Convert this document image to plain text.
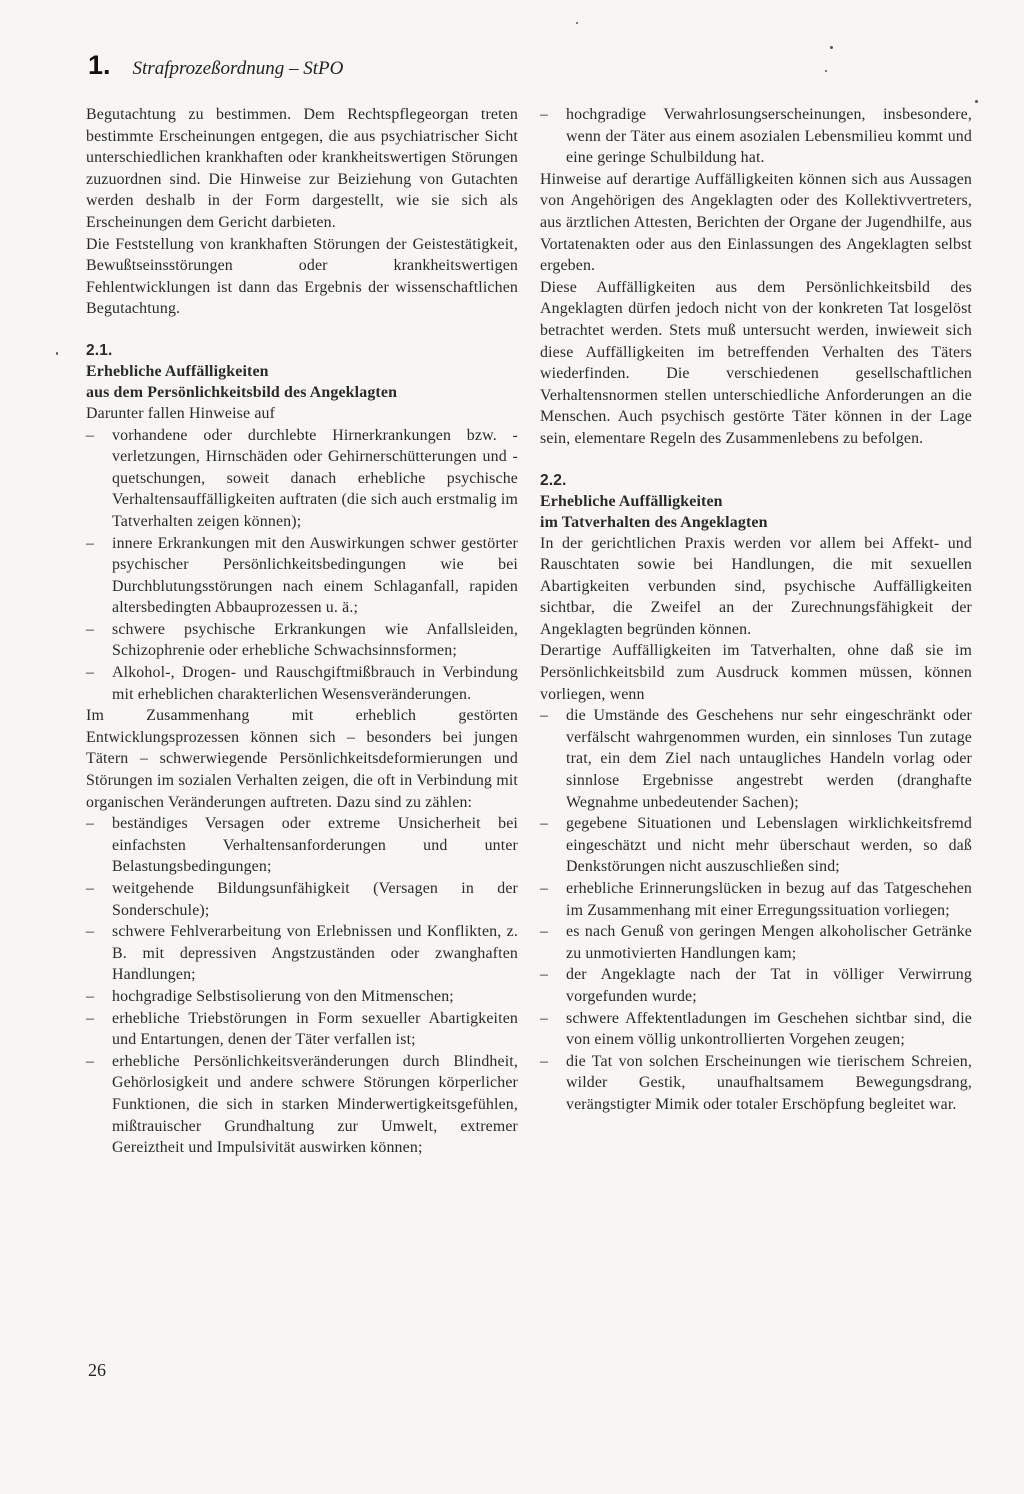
1. Strafprozeßordnung – StPO

Begutachtung zu bestimmen. Dem Rechtspflegeorgan treten bestimmte Erscheinungen entgegen, die aus psychiatrischer Sicht unterschiedlichen krankhaften oder krankheitswertigen Störungen zuzuordnen sind. Die Hinweise zur Beiziehung von Gutachten werden deshalb in der Form dargestellt, wie sie sich als Erscheinungen dem Gericht darbieten.

Die Feststellung von krankhaften Störungen der Geistestätigkeit, Bewußtseinsstörungen oder krankheitswertigen Fehlentwicklungen ist dann das Ergebnis der wissenschaftlichen Begutachtung.

2.1.

Erhebliche Auffälligkeiten

aus dem Persönlichkeitsbild des Angeklagten

Darunter fallen Hinweise auf

– vorhandene oder durchlebte Hirnerkrankungen bzw. -verletzungen, Hirnschäden oder Gehirnerschütterungen und -quetschungen, soweit danach erhebliche psychische Verhaltensauffälligkeiten auftraten (die sich auch erstmalig im Tatverhalten zeigen können);
– innere Erkrankungen mit den Auswirkungen schwer gestörter psychischer Persönlichkeitsbedingungen wie bei Durchblutungsstörungen nach einem Schlaganfall, rapiden altersbedingten Abbauprozessen u. ä.;
– schwere psychische Erkrankungen wie Anfallsleiden, Schizophrenie oder erhebliche Schwachsinnsformen;
– Alkohol-, Drogen- und Rauschgiftmißbrauch in Verbindung mit erheblichen charakterlichen Wesensveränderungen.

Im Zusammenhang mit erheblich gestörten Entwicklungsprozessen können sich – besonders bei jungen Tätern – schwerwiegende Persönlichkeitsdeformierungen und Störungen im sozialen Verhalten zeigen, die oft in Verbindung mit organischen Veränderungen auftreten. Dazu sind zu zählen:

– beständiges Versagen oder extreme Unsicherheit bei einfachsten Verhaltensanforderungen und unter Belastungsbedingungen;
– weitgehende Bildungsunfähigkeit (Versagen in der Sonderschule);
– schwere Fehlverarbeitung von Erlebnissen und Konflikten, z. B. mit depressiven Angstzuständen oder zwanghaften Handlungen;
– hochgradige Selbstisolierung von den Mitmenschen;
– erhebliche Triebstörungen in Form sexueller Abartigkeiten und Entartungen, denen der Täter verfallen ist;
– erhebliche Persönlichkeitsveränderungen durch Blindheit, Gehörlosigkeit und andere schwere Störungen körperlicher Funktionen, die sich in starken Minderwertigkeitsgefühlen, mißtrauischer Grundhaltung zur Umwelt, extremer Gereiztheit und Impulsivität auswirken können;
– hochgradige Verwahrlosungserscheinungen, insbesondere, wenn der Täter aus einem asozialen Lebensmilieu kommt und eine geringe Schulbildung hat.

Hinweise auf derartige Auffälligkeiten können sich aus Aussagen von Angehörigen des Angeklagten oder des Kollektivvertreters, aus ärztlichen Attesten, Berichten der Organe der Jugendhilfe, aus Vortatenakten oder aus den Einlassungen des Angeklagten selbst ergeben.

Diese Auffälligkeiten aus dem Persönlichkeitsbild des Angeklagten dürfen jedoch nicht von der konkreten Tat losgelöst betrachtet werden. Stets muß untersucht werden, inwieweit sich diese Auffälligkeiten im betreffenden Verhalten des Täters wiederfinden. Die verschiedenen gesellschaftlichen Verhaltensnormen stellen unterschiedliche Anforderungen an die Menschen. Auch psychisch gestörte Täter können in der Lage sein, elementare Regeln des Zusammenlebens zu befolgen.

2.2.

Erhebliche Auffälligkeiten

im Tatverhalten des Angeklagten

In der gerichtlichen Praxis werden vor allem bei Affekt- und Rauschtaten sowie bei Handlungen, die mit sexuellen Abartigkeiten verbunden sind, psychische Auffälligkeiten sichtbar, die Zweifel an der Zurechnungsfähigkeit der Angeklagten begründen können.

Derartige Auffälligkeiten im Tatverhalten, ohne daß sie im Persönlichkeitsbild zum Ausdruck kommen müssen, können vorliegen, wenn

– die Umstände des Geschehens nur sehr eingeschränkt oder verfälscht wahrgenommen wurden, ein sinnloses Tun zutage trat, ein dem Ziel nach untaugliches Handeln vorlag oder sinnlose Ergebnisse angestrebt werden (dranghafte Wegnahme unbedeutender Sachen);
– gegebene Situationen und Lebenslagen wirklichkeitsfremd eingeschätzt und nicht mehr überschaut werden, so daß Denkstörungen nicht auszuschließen sind;
– erhebliche Erinnerungslücken in bezug auf das Tatgeschehen im Zusammenhang mit einer Erregungssituation vorliegen;
– es nach Genuß von geringen Mengen alkoholischer Getränke zu unmotivierten Handlungen kam;
– der Angeklagte nach der Tat in völliger Verwirrung vorgefunden wurde;
– schwere Affektentladungen im Geschehen sichtbar sind, die von einem völlig unkontrollierten Vorgehen zeugen;
– die Tat von solchen Erscheinungen wie tierischem Schreien, wilder Gestik, unaufhaltsamem Bewegungsdrang, verängstigter Mimik oder totaler Erschöpfung begleitet war.
26
